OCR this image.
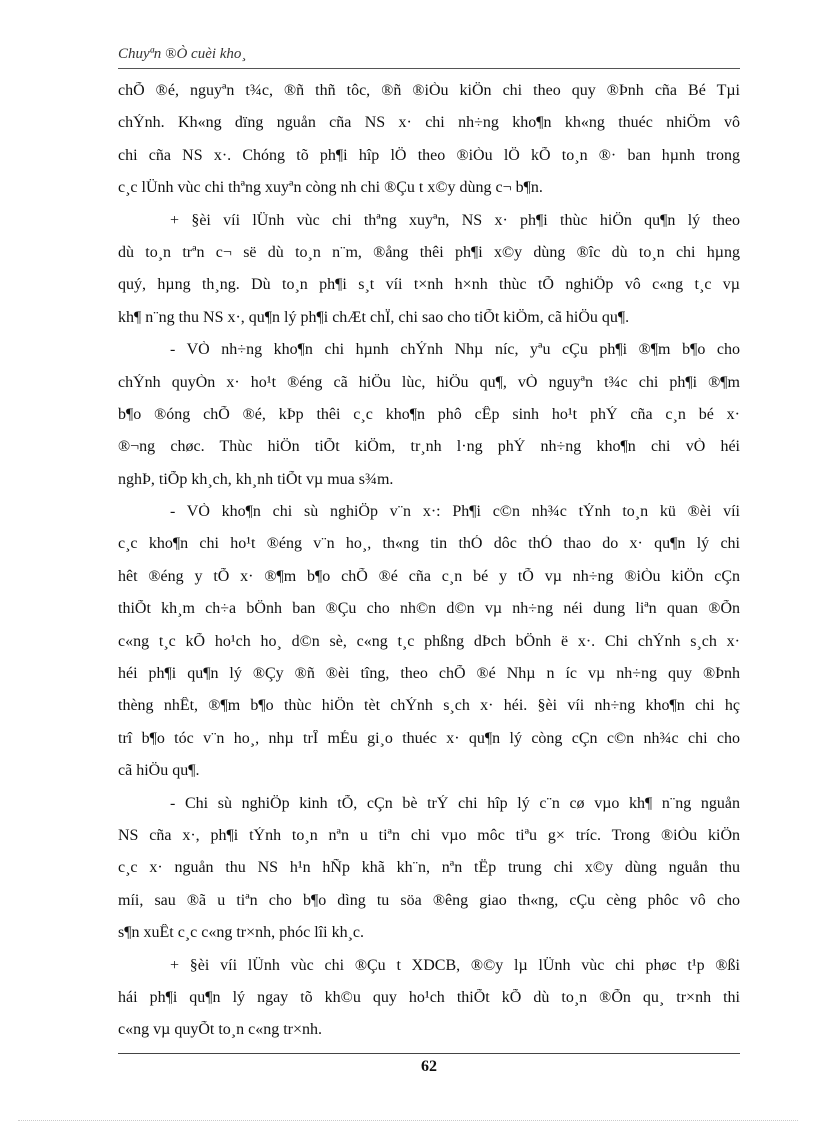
Chuyªn ®Ò cuèi kho¸
chÕ ®é, nguyªn t¾c, ®ñ thñ tôc, ®ñ ®iÒu kiÖn chi theo quy ®Þnh cña Bé Tµi
chÝnh. Kh«ng dïng nguån cña NS x· chi nh÷ng kho¶n kh«ng thuéc nhiÖm vô
chi cña NS x·. Chóng tõ ph¶i hîp lÖ theo ®iÒu lÖ kÕ to¸n ®· ban hµnh trong
c¸c lÜnh vùc chi thªng xuyªn còng nh chi ®Çu t x©y dùng c¬ b¶n.
+ §èi víi lÜnh vùc chi thªng xuyªn, NS x· ph¶i thùc hiÖn qu¶n lý theo
dù to¸n trªn c¬ së dù to¸n n¨m, ®ång thêi ph¶i x©y dùng ®îc dù to¸n chi hµng
quý, hµng th¸ng. Dù to¸n ph¶i s¸t víi t×nh h×nh thùc tÕ nghiÖp vô c«ng t¸c vµ
kh¶ n¨ng thu NS x·, qu¶n lý ph¶i chÆt chÏ, chi sao cho tiÕt kiÖm, cã hiÖu qu¶.
- VÒ nh÷ng kho¶n chi hµnh chÝnh Nhµ níc, yªu cÇu ph¶i ®¶m b¶o cho
chÝnh quyÒn x· ho¹t ®éng cã hiÖu lùc, hiÖu qu¶, vÒ nguyªn t¾c chi ph¶i ®¶m
b¶o ®óng chÕ ®é, kÞp thêi c¸c kho¶n phô cÊp sinh ho¹t phÝ cña c¸n bé x·
®¬ng chøc. Thùc hiÖn tiÕt kiÖm, tr¸nh l·ng phÝ nh÷ng kho¶n chi vÒ héi
nghÞ, tiÕp kh¸ch, kh¸nh tiÕt vµ mua s¾m.
- VÒ kho¶n chi sù nghiÖp v¨n x·: Ph¶i c©n nh¾c tÝnh to¸n kü ®èi víi
c¸c kho¶n chi ho¹t ®éng v¨n ho¸, th«ng tin thÓ dôc thÓ thao do x· qu¶n lý chi
hêt ®éng y tÕ x· ®¶m b¶o chÕ ®é cña c¸n bé y tÕ vµ nh÷ng ®iÒu kiÖn cÇn
thiÕt kh¸m ch÷a bÖnh ban ®Çu cho nh©n d©n vµ nh÷ng néi dung liªn quan ®Õn
c«ng t¸c kÕ ho¹ch ho¸ d©n sè, c«ng t¸c phßng dÞch bÖnh ë x·. Chi chÝnh s¸ch x·
héi ph¶i qu¶n lý ®Çy ®ñ ®èi tîng, theo chÕ ®é Nhµ n íc vµ nh÷ng quy ®Þnh
thèng nhÊt, ®¶m b¶o thùc hiÖn tèt chÝnh s¸ch x· héi. §èi víi nh÷ng kho¶n chi hç
trî b¶o tóc v¨n ho¸, nhµ trÎ mÉu gi¸o thuéc x· qu¶n lý còng cÇn c©n nh¾c chi cho
cã hiÖu qu¶.
- Chi sù nghiÖp kinh tÕ, cÇn bè trÝ chi hîp lý c¨n cø vµo kh¶ n¨ng nguån
NS cña x·, ph¶i tÝnh to¸n nªn u tiªn chi vµo môc tiªu g× tríc. Trong ®iÒu kiÖn
c¸c x· nguån thu NS h¹n hÑp khã kh¨n, nªn tËp trung chi x©y dùng nguån thu
míi, sau ®ã u tiªn cho b¶o dìng tu söa ®êng giao th«ng, cÇu cèng phôc vô cho
s¶n xuÊt c¸c c«ng tr×nh, phóc lîi kh¸c.
+ §èi víi lÜnh vùc chi ®Çu t XDCB, ®©y lµ lÜnh vùc chi phøc t¹p ®ßi
hái ph¶i qu¶n lý ngay tõ kh©u quy ho¹ch thiÕt kÕ dù to¸n ®Õn qu¸ tr×nh thi
c«ng vµ quyÕt to¸n c«ng tr×nh.
62
